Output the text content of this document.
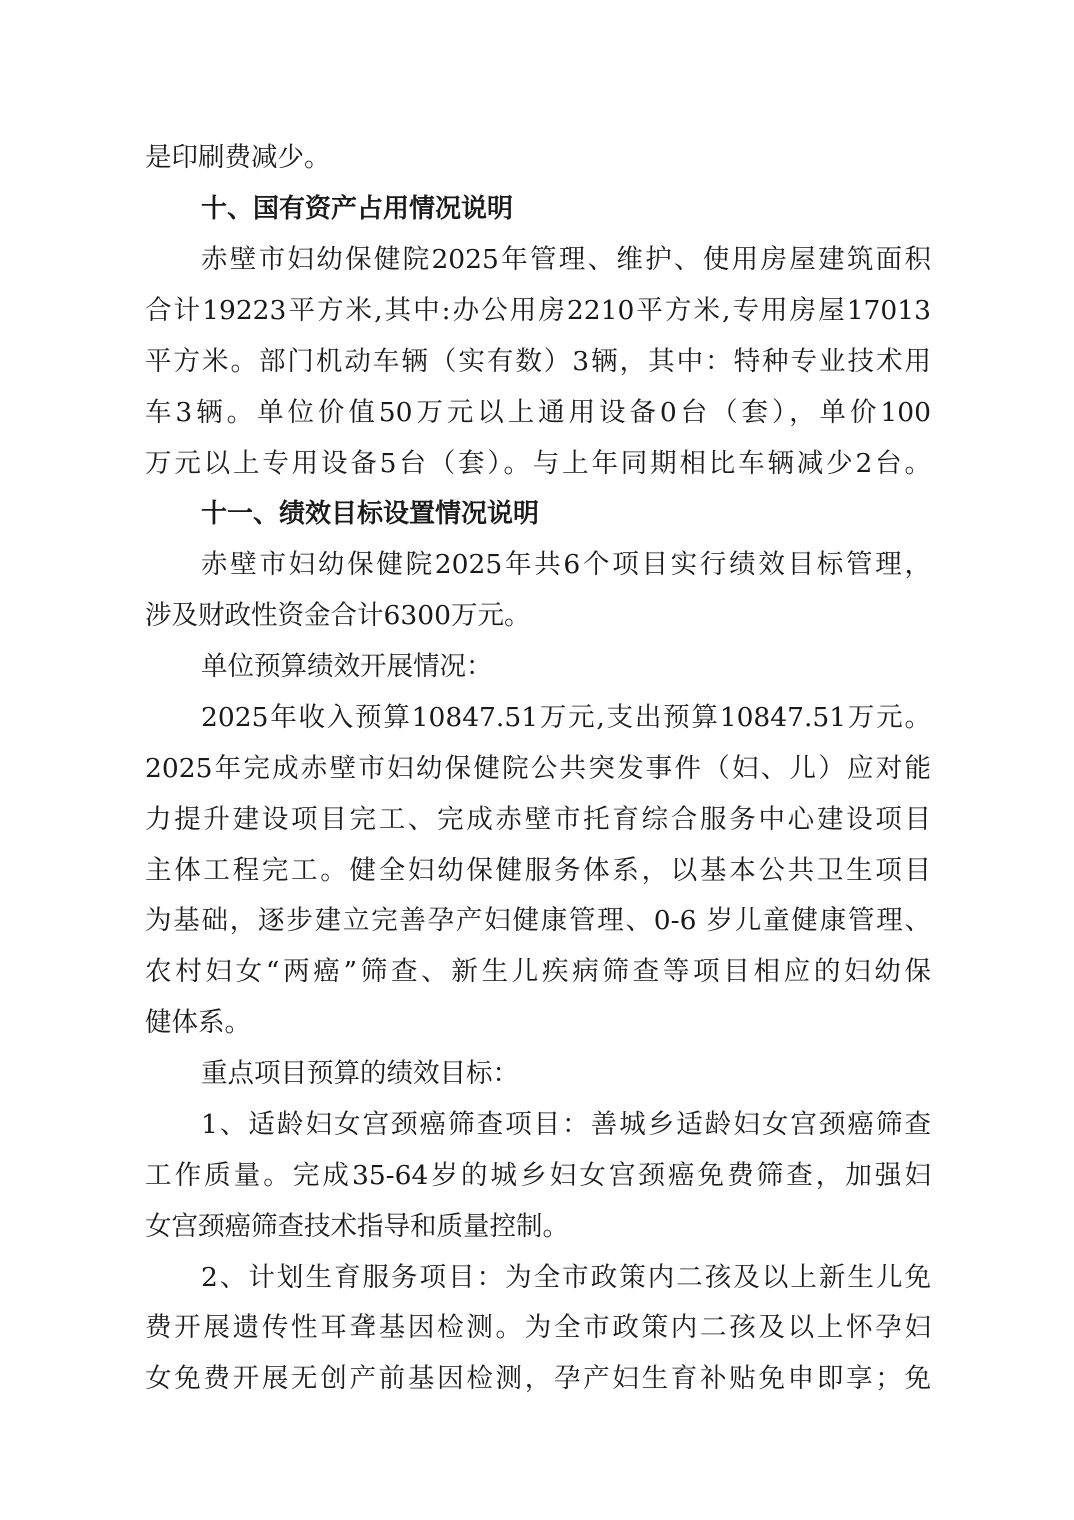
是印刷费减少。
十、国有资产占用情况说明
赤壁市妇幼保健院2025年管理、维护、使用房屋建筑面积
合计19223平方米,其中:办公用房2210平方米,专用房屋17013
平方米。部门机动车辆（实有数）3辆，其中：特种专业技术用
车3辆。单位价值50万元以上通用设备0台（套），单价100
万元以上专用设备5台（套）。与上年同期相比车辆减少2台。
十一、绩效目标设置情况说明
赤壁市妇幼保健院2025年共6个项目实行绩效目标管理，
涉及财政性资金合计6300万元。
单位预算绩效开展情况：
2025年收入预算10847.51万元,支出预算10847.51万元。
2025年完成赤壁市妇幼保健院公共突发事件（妇、儿）应对能
力提升建设项目完工、完成赤壁市托育综合服务中心建设项目
主体工程完工。健全妇幼保健服务体系，以基本公共卫生项目
为基础，逐步建立完善孕产妇健康管理、0-6 岁儿童健康管理、
农村妇女“两癌”筛查、新生儿疾病筛查等项目相应的妇幼保
健体系。
重点项目预算的绩效目标：
1、适龄妇女宫颈癌筛查项目：善城乡适龄妇女宫颈癌筛查
工作质量。完成35-64岁的城乡妇女宫颈癌免费筛查，加强妇
女宫颈癌筛查技术指导和质量控制。
2、计划生育服务项目：为全市政策内二孩及以上新生儿免
费开展遗传性耳聋基因检测。为全市政策内二孩及以上怀孕妇
女免费开展无创产前基因检测，孕产妇生育补贴免申即享；免
